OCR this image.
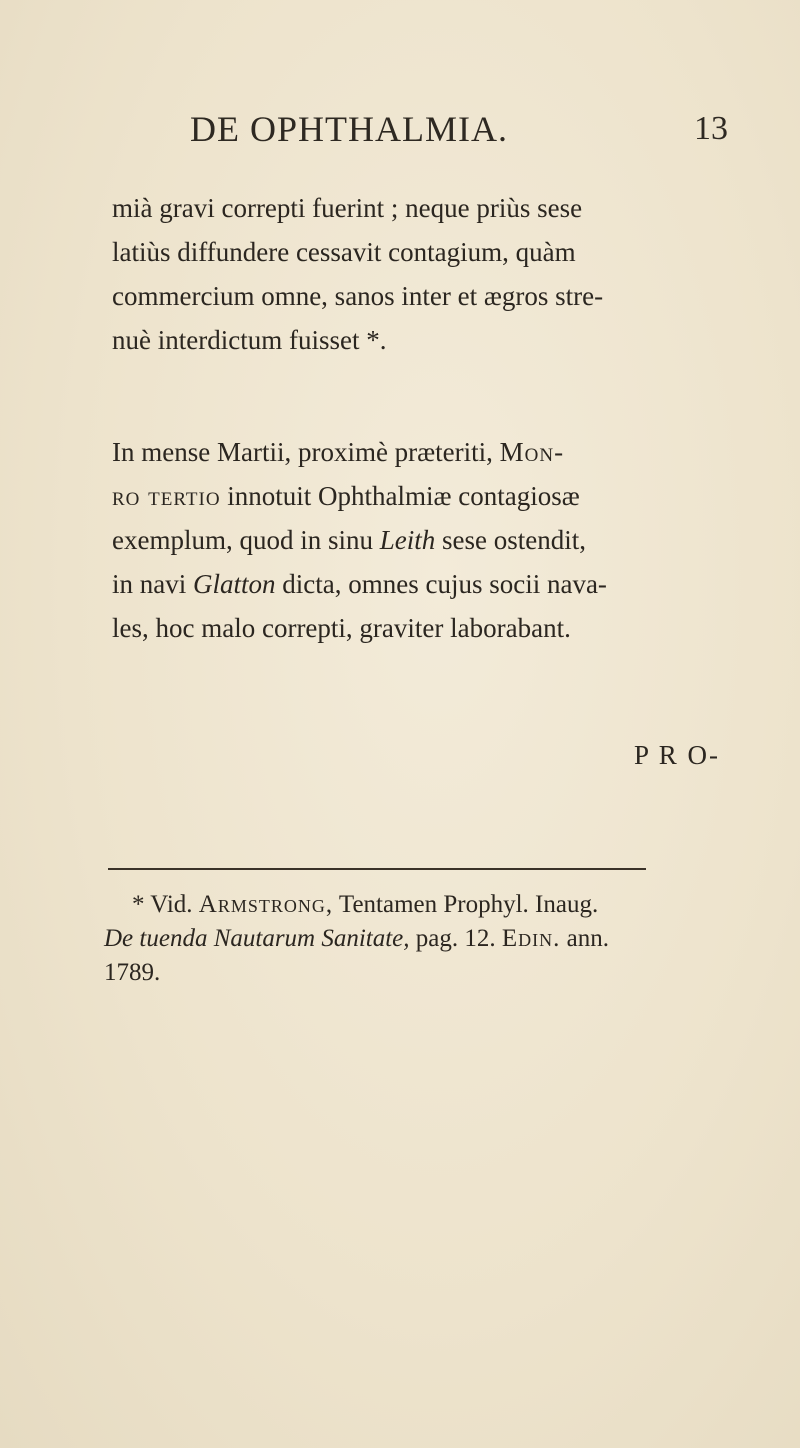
DE OPHTHALMIA.	13
mià gravi correpti fuerint ; neque priùs sese
latiùs diffundere cessavit contagium, quàm
commercium omne, sanos inter et ægros stre-
nuè interdictum fuisset *.
In mense Martii, proximè præteriti, Mon-
ro tertio innotuit Ophthalmiæ contagiosæ
exemplum, quod in sinu Leith sese ostendit,
in navi Glatton dicta, omnes cujus socii nava-
les, hoc malo correpti, graviter laborabant.
P R O-
* Vid. Armstrong, Tentamen Prophyl. Inaug.
De tuenda Nautarum Sanitate, pag. 12. Edin. ann.
1789.
